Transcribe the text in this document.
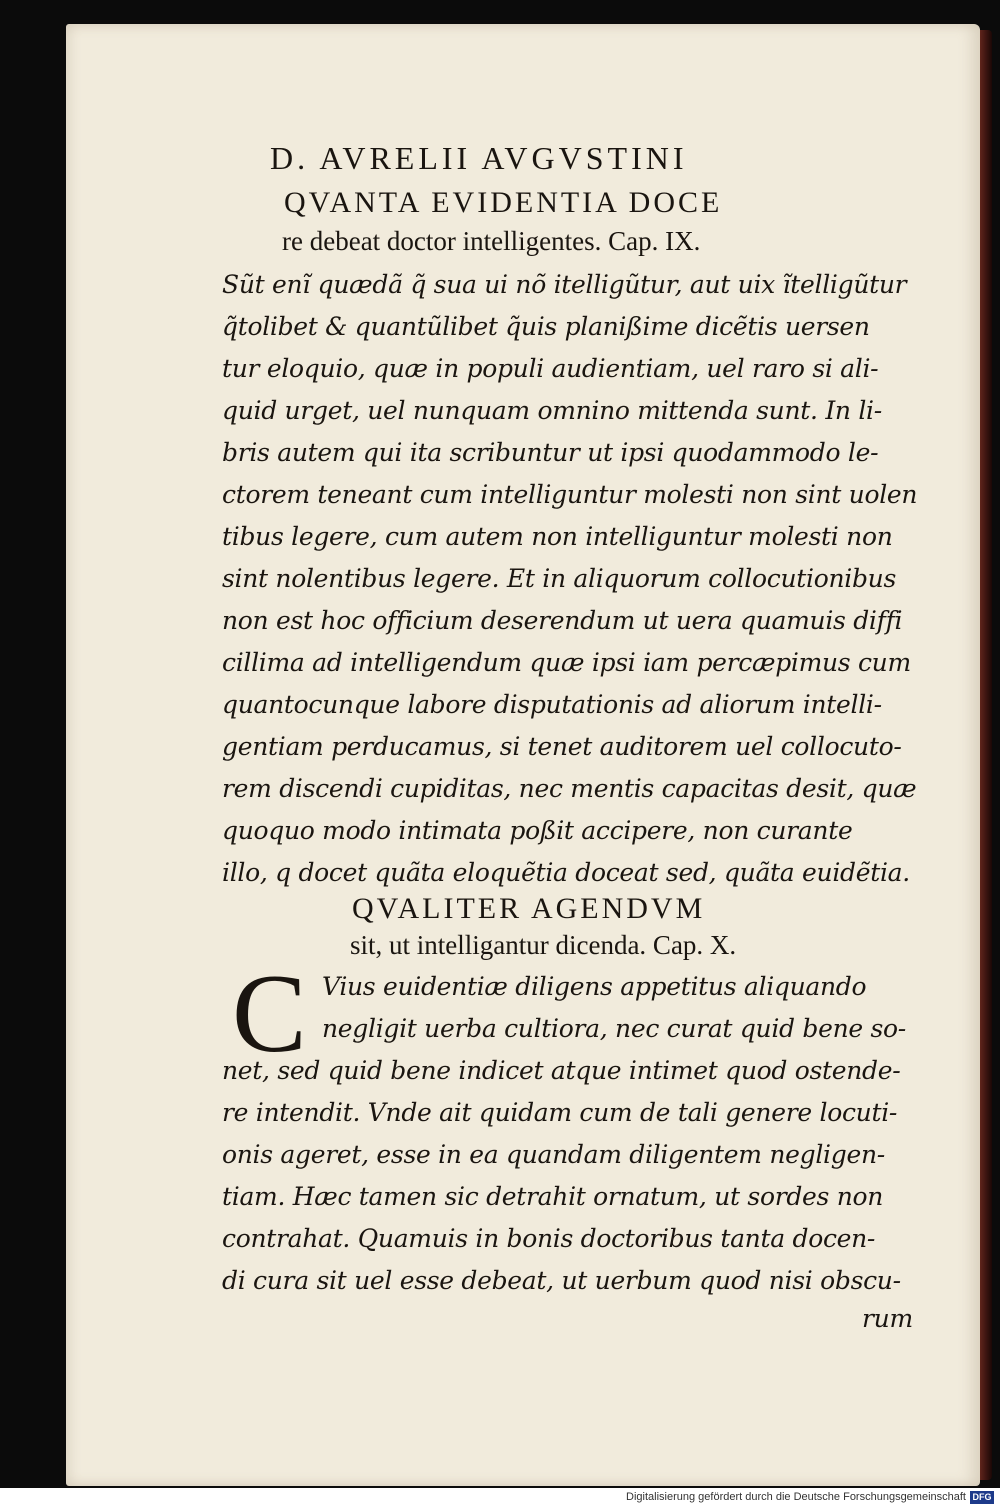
D. AVRELII AVGVSTINI
QVANTA EVIDENTIA DOCE
re debeat doctor intelligentes. Cap. IX.
Sũt enĩ quædã q̃ sua ui nõ itelligũtur, aut uix ĩtelligũtur
q̃tolibet & quantũlibet q̃uis planißime dicẽtis uersen
tur eloquio, quæ in populi audientiam, uel raro si ali-
quid urget, uel nunquam omnino mittenda sunt. In li-
bris autem qui ita scribuntur ut ipsi quodammodo le-
ctorem teneant cum intelliguntur molesti non sint uolen
tibus legere, cum autem non intelliguntur molesti non
sint nolentibus legere. Et in aliquorum collocutionibus
non est hoc officium deserendum ut uera quamuis diffi
cillima ad intelligendum quæ ipsi iam percæpimus cum
quantocunque labore disputationis ad aliorum intelli-
gentiam perducamus, si tenet auditorem uel collocuto-
rem discendi cupiditas, nec mentis capacitas desit, quæ
quoquo modo intimata poßit accipere, non curante
illo, q docet quãta eloquẽtia doceat sed, quãta euidẽtia.
QVALITER AGENDVM
sit, ut intelligantur dicenda. Cap. X.
C Vius euidentiæ diligens appetitus aliquando
negligit uerba cultiora, nec curat quid bene so-
net, sed quid bene indicet atque intimet quod ostende-
re intendit. Vnde ait quidam cum de tali genere locuti-
onis ageret, esse in ea quandam diligentem negligen-
tiam. Hæc tamen sic detrahit ornatum, ut sordes non
contrahat. Quamuis in bonis doctoribus tanta docen-
di cura sit uel esse debeat, ut uerbum quod nisi obscu-
rum
Digitalisierung gefördert durch die Deutsche Forschungsgemeinschaft DFG
